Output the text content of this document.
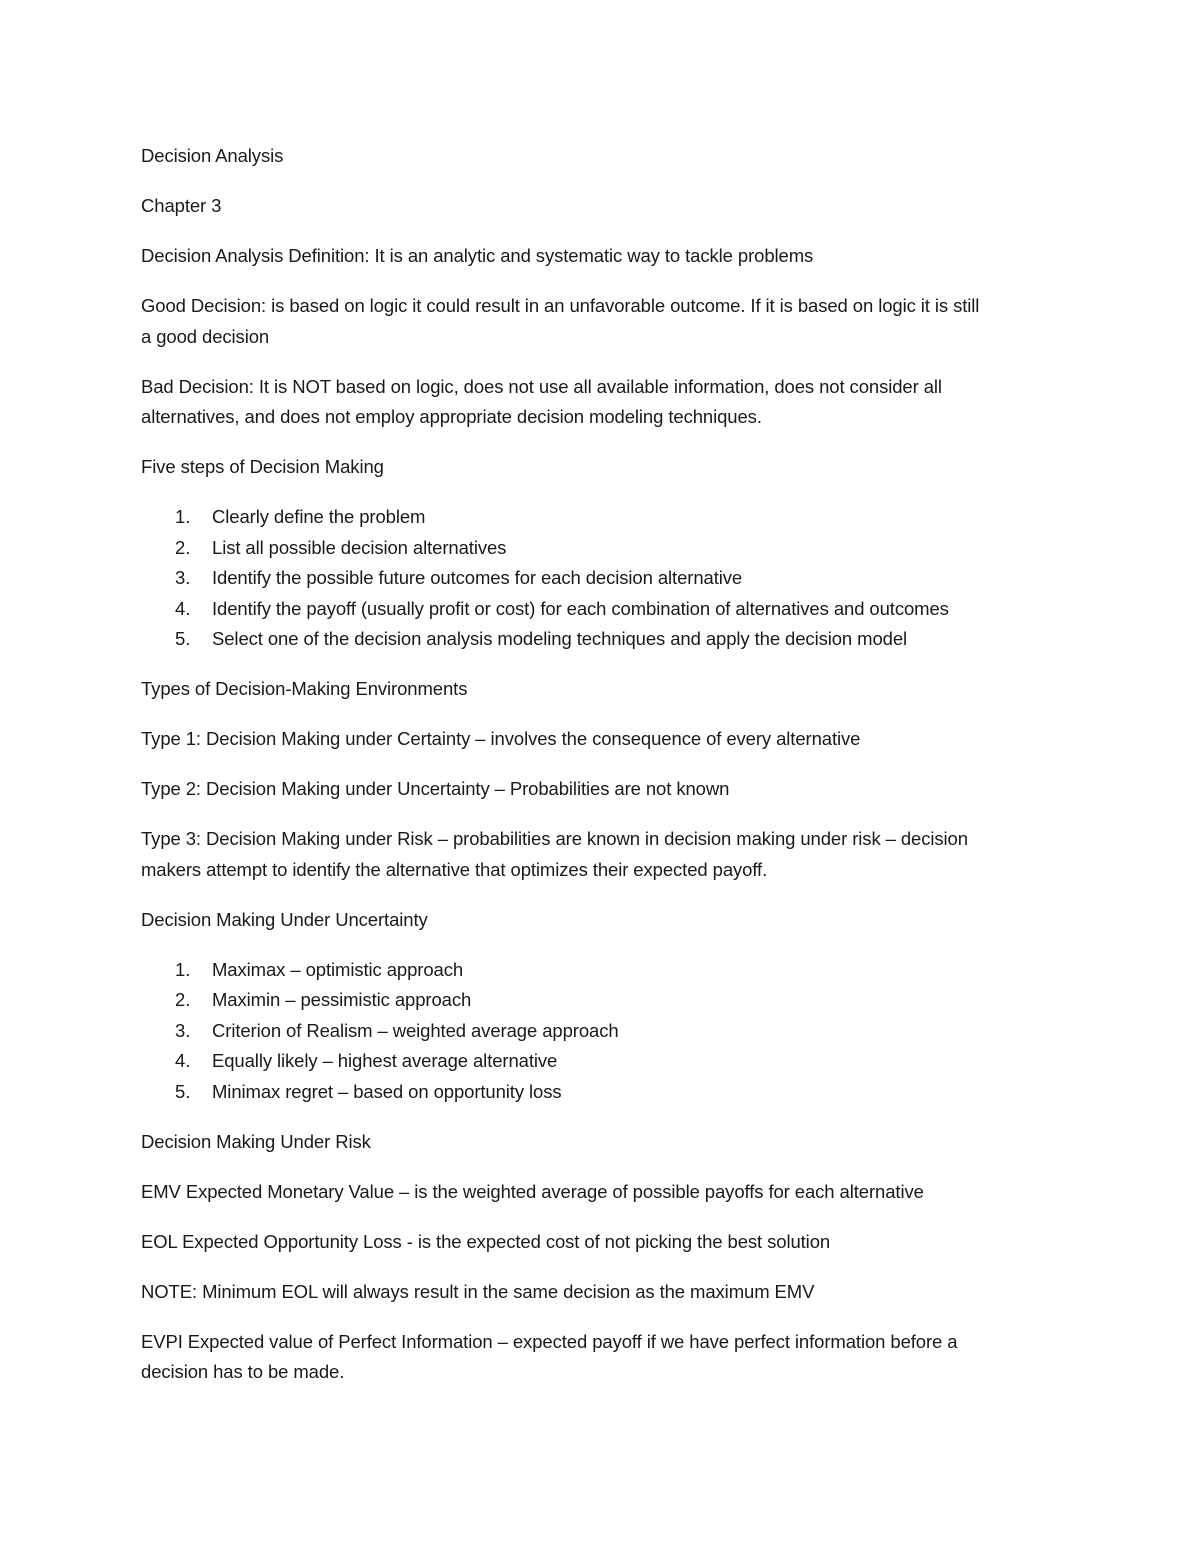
Decision Analysis
Chapter 3
Decision Analysis Definition: It is an analytic and systematic way to tackle problems
Good Decision: is based on logic it could result in an unfavorable outcome. If it is based on logic it is still
a good decision
Bad Decision: It is NOT based on logic, does not use all available information, does not consider all
alternatives, and does not employ appropriate decision modeling techniques.
Five steps of Decision Making
1. Clearly define the problem
2. List all possible decision alternatives
3. Identify the possible future outcomes for each decision alternative
4. Identify the payoff (usually profit or cost) for each combination of alternatives and outcomes
5. Select one of the decision analysis modeling techniques and apply the decision model
Types of Decision-Making Environments
Type 1: Decision Making under Certainty – involves the consequence of every alternative
Type 2: Decision Making under Uncertainty – Probabilities are not known
Type 3: Decision Making under Risk – probabilities are known in decision making under risk – decision
makers attempt to identify the alternative that optimizes their expected payoff.
Decision Making Under Uncertainty
1. Maximax – optimistic approach
2. Maximin – pessimistic approach
3. Criterion of Realism – weighted average approach
4. Equally likely – highest average alternative
5. Minimax regret – based on opportunity loss
Decision Making Under Risk
EMV Expected Monetary Value – is the weighted average of possible payoffs for each alternative
EOL Expected Opportunity Loss - is the expected cost of not picking the best solution
NOTE: Minimum EOL will always result in the same decision as the maximum EMV
EVPI Expected value of Perfect Information – expected payoff if we have perfect information before a
decision has to be made.
